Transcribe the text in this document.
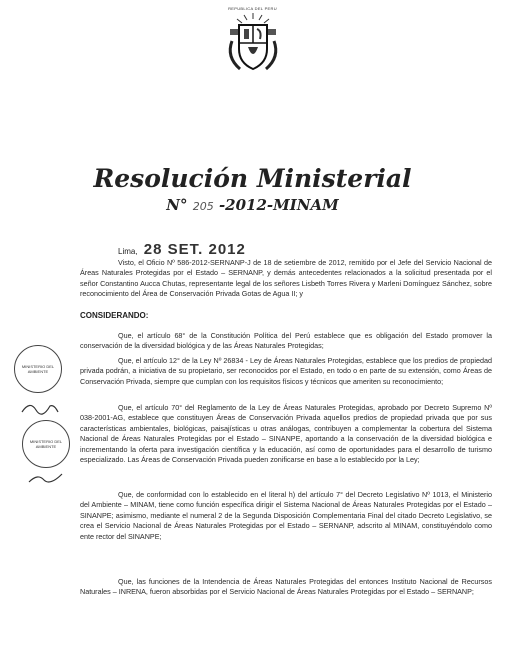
REPUBLICA DEL PERU
Resolución Ministerial
N° 205 -2012-MINAM
Lima, 28 SET. 2012
Visto, el Oficio Nº 586-2012-SERNANP-J de 18 de setiembre de 2012, remitido por el Jefe del Servicio Nacional de Áreas Naturales Protegidas por el Estado – SERNANP, y demás antecedentes relacionados a la solicitud presentada por el señor Constantino Aucca Chutas, representante legal de los señores Lisbeth Torres Rivera y Marleni Domínguez Sánchez, sobre reconocimiento del Área de Conservación Privada Gotas de Agua II; y
CONSIDERANDO:
Que, el artículo 68° de la Constitución Política del Perú establece que es obligación del Estado promover la conservación de la diversidad biológica y de las Áreas Naturales Protegidas;
Que, el artículo 12° de la Ley Nº 26834 - Ley de Áreas Naturales Protegidas, establece que los predios de propiedad privada podrán, a iniciativa de su propietario, ser reconocidos por el Estado, en todo o en parte de su extensión, como Áreas de Conservación Privada, siempre que cumplan con los requisitos físicos y técnicos que ameriten su reconocimiento;
Que, el artículo 70° del Reglamento de la Ley de Áreas Naturales Protegidas, aprobado por Decreto Supremo Nº 038-2001-AG, establece que constituyen Áreas de Conservación Privada aquellos predios de propiedad privada que por sus características ambientales, biológicas, paisajísticas u otras análogas, contribuyen a complementar la cobertura del Sistema Nacional de Áreas Naturales Protegidas por el Estado – SINANPE, aportando a la conservación de la diversidad biológica e incrementando la oferta para investigación científica y la educación, así como de oportunidades para el desarrollo de turismo especializado. Las Áreas de Conservación Privada pueden zonificarse en base a lo establecido por la Ley;
Que, de conformidad con lo establecido en el literal h) del artículo 7° del Decreto Legislativo Nº 1013, el Ministerio del Ambiente – MINAM, tiene como función específica dirigir el Sistema Nacional de Áreas Naturales Protegidas por el Estado – SINANPE; asimismo, mediante el numeral 2 de la Segunda Disposición Complementaria Final del citado Decreto Legislativo, se crea el Servicio Nacional de Áreas Naturales Protegidas por el Estado – SERNANP, adscrito al MINAM, constituyéndolo como ente rector del SINANPE;
Que, las funciones de la Intendencia de Áreas Naturales Protegidas del entonces Instituto Nacional de Recursos Naturales – INRENA, fueron absorbidas por el Servicio Nacional de Áreas Naturales Protegidas por el Estado – SERNANP;
MINISTERIO DEL AMBIENTE
MINISTERIO DEL AMBIENTE
